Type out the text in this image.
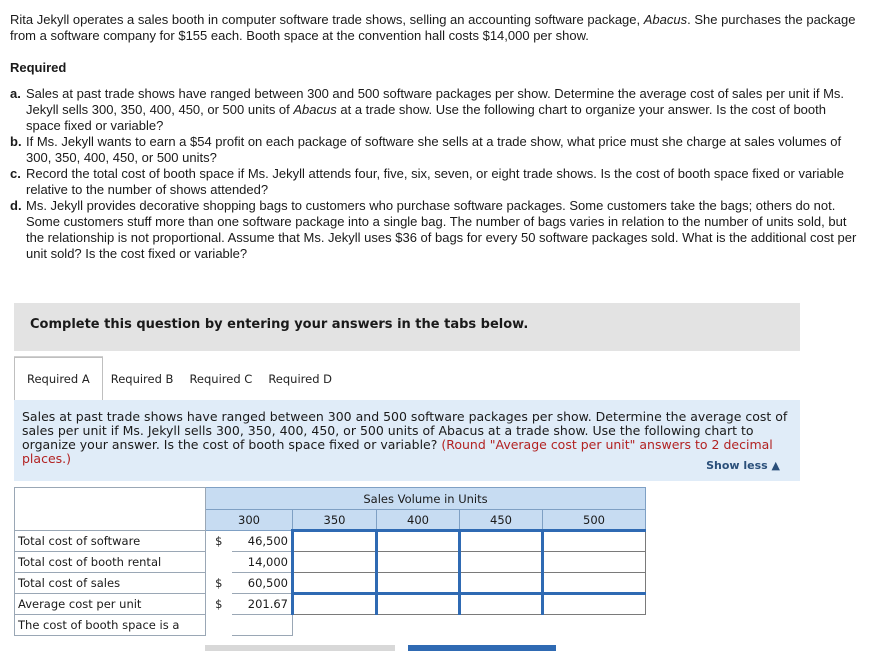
Rita Jekyll operates a sales booth in computer software trade shows, selling an accounting software package, Abacus. She purchases the package from a software company for $155 each. Booth space at the convention hall costs $14,000 per show.

Required

a. Sales at past trade shows have ranged between 300 and 500 software packages per show. Determine the average cost of sales per unit if Ms. Jekyll sells 300, 350, 400, 450, or 500 units of Abacus at a trade show. Use the following chart to organize your answer. Is the cost of booth space fixed or variable?

b. If Ms. Jekyll wants to earn a $54 profit on each package of software she sells at a trade show, what price must she charge at sales volumes of 300, 350, 400, 450, or 500 units?

c. Record the total cost of booth space if Ms. Jekyll attends four, five, six, seven, or eight trade shows. Is the cost of booth space fixed or variable relative to the number of shows attended?

d. Ms. Jekyll provides decorative shopping bags to customers who purchase software packages. Some customers take the bags; others do not. Some customers stuff more than one software package into a single bag. The number of bags varies in relation to the number of units sold, but the relationship is not proportional. Assume that Ms. Jekyll uses $36 of bags for every 50 software packages sold. What is the additional cost per unit sold? Is the cost fixed or variable?

Complete this question by entering your answers in the tabs below.
Required A	Required B	Required C	Required D
Sales at past trade shows have ranged between 300 and 500 software packages per show. Determine the average cost of sales per unit if Ms. Jekyll sells 300, 350, 400, 450, or 500 units of Abacus at a trade show. Use the following chart to organize your answer. Is the cost of booth space fixed or variable? (Round "Average cost per unit" answers to 2 decimal places.)	Show less ▲
	Sales Volume in Units					
	300		350	400	450	500
Total cost of software	$	46,500				
Total cost of booth rental		14,000				
Total cost of sales	$	60,500				
Average cost per unit	$	201.67				
The cost of booth space is a						
